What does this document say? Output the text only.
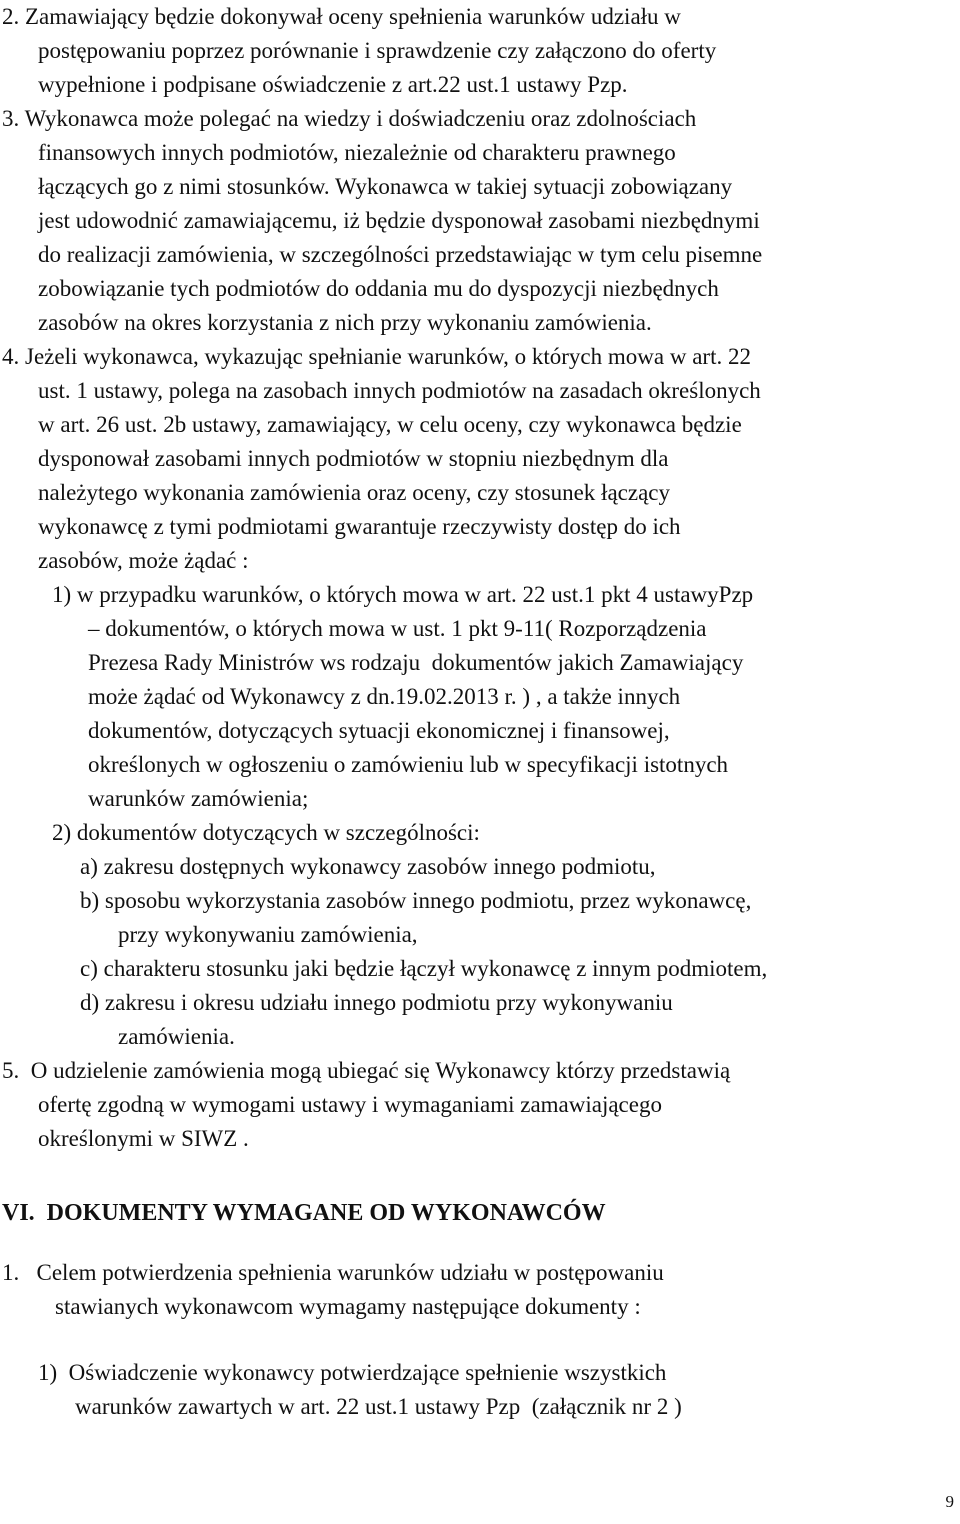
2. Zamawiający będzie dokonywał oceny spełnienia warunków udziału w
postępowaniu poprzez porównanie i sprawdzenie czy załączono do oferty
wypełnione i podpisane oświadczenie z art.22 ust.1 ustawy Pzp.
3. Wykonawca może polegać na wiedzy i doświadczeniu oraz zdolnościach
finansowych innych podmiotów, niezależnie od charakteru prawnego
łączących go z nimi stosunków. Wykonawca w takiej sytuacji zobowiązany
jest udowodnić zamawiającemu, iż będzie dysponował zasobami niezbędnymi
do realizacji zamówienia, w szczególności przedstawiając w tym celu pisemne
zobowiązanie tych podmiotów do oddania mu do dyspozycji niezbędnych
zasobów na okres korzystania z nich przy wykonaniu zamówienia.
4. Jeżeli wykonawca, wykazując spełnianie warunków, o których mowa w art. 22
ust. 1 ustawy, polega na zasobach innych podmiotów na zasadach określonych
w art. 26 ust. 2b ustawy, zamawiający, w celu oceny, czy wykonawca będzie
dysponował zasobami innych podmiotów w stopniu niezbędnym dla
należytego wykonania zamówienia oraz oceny, czy stosunek łączący
wykonawcę z tymi podmiotami gwarantuje rzeczywisty dostęp do ich
zasobów, może żądać :
1) w przypadku warunków, o których mowa w art. 22 ust.1 pkt 4 ustawyPzp
– dokumentów, o których mowa w ust. 1 pkt 9-11( Rozporządzenia
Prezesa Rady Ministrów ws rodzaju  dokumentów jakich Zamawiający
może żądać od Wykonawcy z dn.19.02.2013 r. ) , a także innych
dokumentów, dotyczących sytuacji ekonomicznej i finansowej,
określonych w ogłoszeniu o zamówieniu lub w specyfikacji istotnych
warunków zamówienia;
2) dokumentów dotyczących w szczególności:
a) zakresu dostępnych wykonawcy zasobów innego podmiotu,
b) sposobu wykorzystania zasobów innego podmiotu, przez wykonawcę,
przy wykonywaniu zamówienia,
c) charakteru stosunku jaki będzie łączył wykonawcę z innym podmiotem,
d) zakresu i okresu udziału innego podmiotu przy wykonywaniu
zamówienia.
5.  O udzielenie zamówienia mogą ubiegać się Wykonawcy którzy przedstawią
ofertę zgodną w wymogami ustawy i wymaganiami zamawiającego
określonymi w SIWZ .
VI.  DOKUMENTY WYMAGANE OD WYKONAWCÓW
1.   Celem potwierdzenia spełnienia warunków udziału w postępowaniu
stawianych wykonawcom wymagamy następujące dokumenty :
1)  Oświadczenie wykonawcy potwierdzające spełnienie wszystkich
warunków zawartych w art. 22 ust.1 ustawy Pzp  (załącznik nr 2 )
9
